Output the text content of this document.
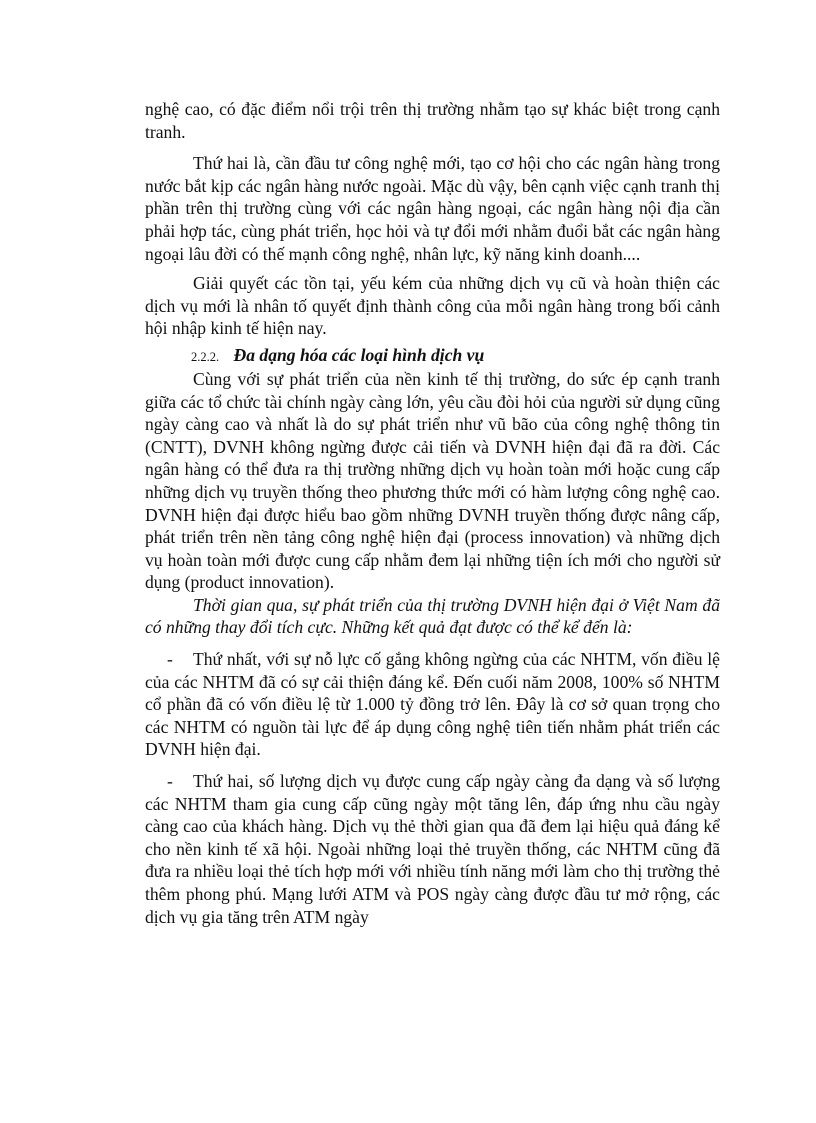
nghệ cao, có đặc điểm nổi trội trên thị trường nhằm tạo sự khác biệt trong cạnh tranh.

Thứ hai là, cần đầu tư công nghệ mới, tạo cơ hội cho các ngân hàng trong nước bắt kịp các ngân hàng nước ngoài. Mặc dù vậy, bên cạnh việc cạnh tranh thị phần trên thị trường cùng với các ngân hàng ngoại, các ngân hàng nội địa cần phải hợp tác, cùng phát triển, học hỏi và tự đổi mới nhằm đuổi bắt các ngân hàng ngoại lâu đời có thế mạnh công nghệ, nhân lực, kỹ năng kinh doanh....

Giải quyết các tồn tại, yếu kém của những dịch vụ cũ và hoàn thiện các dịch vụ mới là nhân tố quyết định thành công của mỗi ngân hàng trong bối cảnh hội nhập kinh tế hiện nay.

2.2.2. Đa dạng hóa các loại hình dịch vụ

Cùng với sự phát triển của nền kinh tế thị trường, do sức ép cạnh tranh giữa các tổ chức tài chính ngày càng lớn, yêu cầu đòi hỏi của người sử dụng cũng ngày càng cao và nhất là do sự phát triển như vũ bão của công nghệ thông tin (CNTT), DVNH không ngừng được cải tiến và DVNH hiện đại đã ra đời. Các ngân hàng có thể đưa ra thị trường những dịch vụ hoàn toàn mới hoặc cung cấp những dịch vụ truyền thống theo phương thức mới có hàm lượng công nghệ cao. DVNH hiện đại được hiểu bao gồm những DVNH truyền thống được nâng cấp, phát triển trên nền tảng công nghệ hiện đại (process innovation) và những dịch vụ hoàn toàn mới được cung cấp nhằm đem lại những tiện ích mới cho người sử dụng (product innovation).

Thời gian qua, sự phát triển của thị trường DVNH hiện đại ở Việt Nam đã có những thay đổi tích cực. Những kết quả đạt được có thể kể đến là:

- Thứ nhất, với sự nỗ lực cố gắng không ngừng của các NHTM, vốn điều lệ của các NHTM đã có sự cải thiện đáng kể. Đến cuối năm 2008, 100% số NHTM cổ phần đã có vốn điều lệ từ 1.000 tỷ đồng trở lên. Đây là cơ sở quan trọng cho các NHTM có nguồn tài lực để áp dụng công nghệ tiên tiến nhằm phát triển các DVNH hiện đại.

- Thứ hai, số lượng dịch vụ được cung cấp ngày càng đa dạng và số lượng các NHTM tham gia cung cấp cũng ngày một tăng lên, đáp ứng nhu cầu ngày càng cao của khách hàng. Dịch vụ thẻ thời gian qua đã đem lại hiệu quả đáng kể cho nền kinh tế xã hội. Ngoài những loại thẻ truyền thống, các NHTM cũng đã đưa ra nhiều loại thẻ tích hợp mới với nhiều tính năng mới làm cho thị trường thẻ thêm phong phú. Mạng lưới ATM và POS ngày càng được đầu tư mở rộng, các dịch vụ gia tăng trên ATM ngày
